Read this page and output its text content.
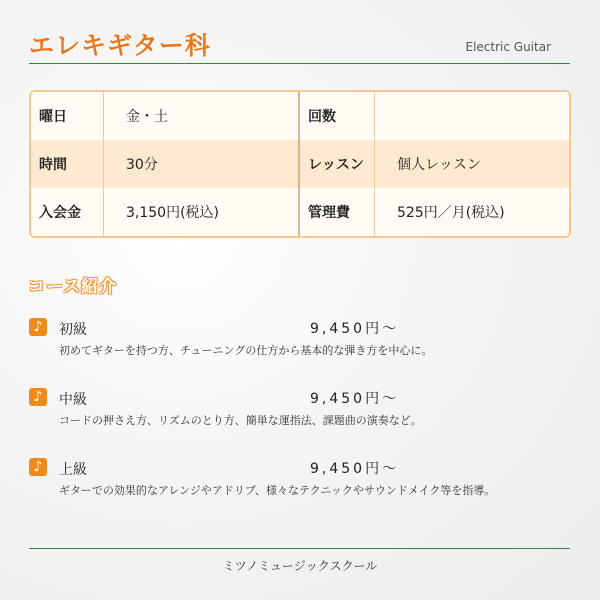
エレキギター科	Electric Guitar
曜日	金・土	回数
時間	30分	レッスン	個人レッスン
入会金	3,150円(税込)	管理費	525円／月(税込)
コース紹介
♪	初級	9,450円〜
初めてギターを持つ方、チューニングの仕方から基本的な弾き方を中心に。
♪	中級	9,450円〜
コードの押さえ方、リズムのとり方、簡単な運指法、課題曲の演奏など。
♪	上級	9,450円〜
ギターでの効果的なアレンジやアドリブ、様々なテクニックやサウンドメイク等を指導。
ミツノミュージックスクール
